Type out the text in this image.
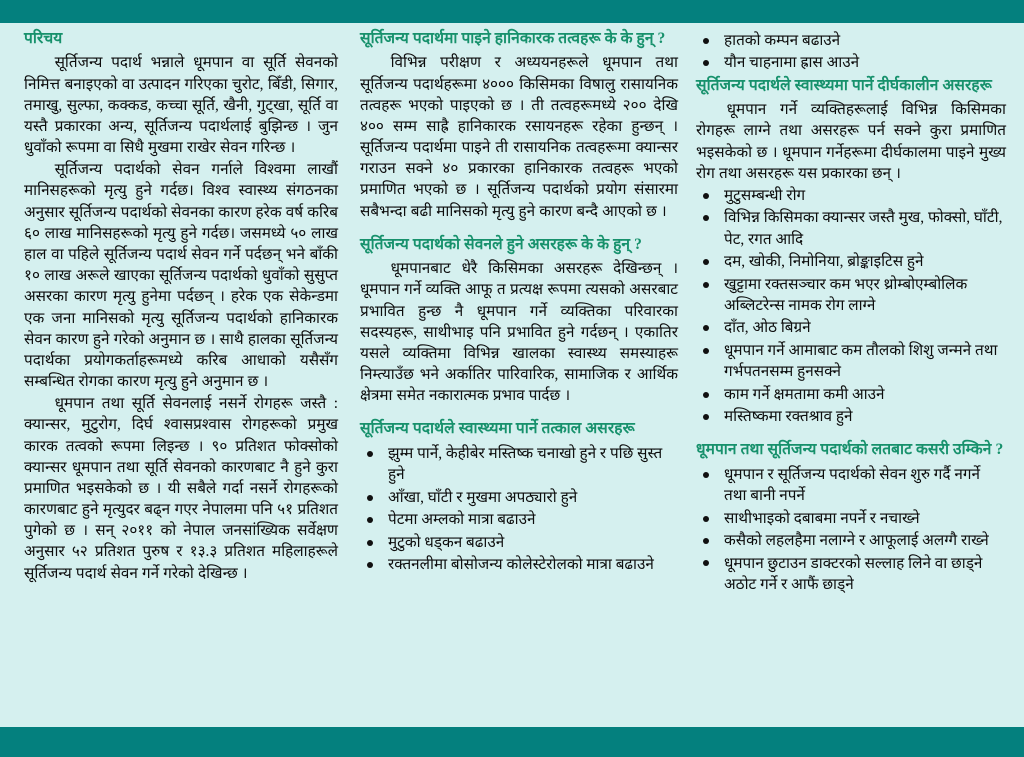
परिचय

सूर्तिजन्य पदार्थ भन्नाले धूमपान वा सूर्ति सेवनको निमित्त बनाइएको वा उत्पादन गरिएका चुरोट, बिँडी, सिगार, तमाखु, सुल्फा, कक्कड, कच्चा सूर्ति, खैनी, गुट्खा, सूर्ति वा यस्तै प्रकारका अन्य, सूर्तिजन्य पदार्थलाई बुझिन्छ । जुन धुवाँको रूपमा वा सिधै मुखमा राखेर सेवन गरिन्छ ।

सूर्तिजन्य पदार्थको सेवन गर्नाले विश्वमा लाखौं मानिसहरूको मृत्यु हुने गर्दछ। विश्व स्वास्थ्य संगठनका अनुसार सूर्तिजन्य पदार्थको सेवनका कारण हरेक वर्ष करिब ६० लाख मानिसहरूको मृत्यु हुने गर्दछ। जसमध्ये ५० लाख हाल वा पहिले सूर्तिजन्य पदार्थ सेवन गर्ने पर्दछन् भने बाँकी १० लाख अरूले खाएका सूर्तिजन्य पदार्थको धुवाँको सुसुप्त असरका कारण मृत्यु हुनेमा पर्दछन् । हरेक एक सेकेन्डमा एक जना मानिसको मृत्यु सूर्तिजन्य पदार्थको हानिकारक सेवन कारण हुने गरेको अनुमान छ । साथै हालका सूर्तिजन्य पदार्थका प्रयोगकर्ताहरूमध्ये करिब आधाको यसैसँग सम्बन्धित रोगका कारण मृत्यु हुने अनुमान छ ।

धूमपान तथा सूर्ति सेवनलाई नसर्ने रोगहरू जस्तै : क्यान्सर, मुटुरोग, दिर्घ श्वासप्रश्वास रोगहरूको प्रमुख कारक तत्वको रूपमा लिइन्छ । ९० प्रतिशत फोक्सोको क्यान्सर धूमपान तथा सूर्ति सेवनको कारणबाट नै हुने कुरा प्रमाणित भइसकेको छ । यी सबैले गर्दा नसर्ने रोगहरूको कारणबाट हुने मृत्युदर बढ्न गएर नेपालमा पनि ५१ प्रतिशत पुगेको छ । सन् २०११ को नेपाल जनसांख्यिक सर्वेक्षण अनुसार ५२ प्रतिशत पुरुष र १३.३ प्रतिशत महिलाहरूले सूर्तिजन्य पदार्थ सेवन गर्ने गरेको देखिन्छ ।

सूर्तिजन्य पदार्थमा पाइने हानिकारक तत्वहरू के के हुन् ?

विभिन्न परीक्षण र अध्ययनहरूले धूमपान तथा सूर्तिजन्य पदार्थहरूमा ४००० किसिमका विषालु रासायनिक तत्वहरू भएको पाइएको छ । ती तत्वहरूमध्ये २०० देखि ४०० सम्म साह्रै हानिकारक रसायनहरू रहेका हुन्छन् । सूर्तिजन्य पदार्थमा पाइने ती रासायनिक तत्वहरूमा क्यान्सर गराउन सक्ने ४० प्रकारका हानिकारक तत्वहरू भएको प्रमाणित भएको छ । सूर्तिजन्य पदार्थको प्रयोग संसारमा सबैभन्दा बढी मानिसको मृत्यु हुने कारण बन्दै आएको छ ।

सूर्तिजन्य पदार्थको सेवनले हुने असरहरू के के हुन् ?

धूमपानबाट धेरै किसिमका असरहरू देखिन्छन् । धूमपान गर्ने व्यक्ति आफू त प्रत्यक्ष रूपमा त्यसको असरबाट प्रभावित हुन्छ नै धूमपान गर्ने व्यक्तिका परिवारका सदस्यहरू, साथीभाइ पनि प्रभावित हुने गर्दछन् । एकातिर यसले व्यक्तिमा विभिन्न खालका स्वास्थ्य समस्याहरू निम्त्याउँछ भने अर्कातिर पारिवारिक, सामाजिक र आर्थिक क्षेत्रमा समेत नकारात्मक प्रभाव पार्दछ ।

सूर्तिजन्य पदार्थले स्वास्थ्यमा पार्ने तत्काल असरहरू
झुम्म पार्ने, केहीबेर मस्तिष्क चनाखो हुने र पछि सुस्त हुने
आँखा, घाँटी र मुखमा अपठ्यारो हुने
पेटमा अम्लको मात्रा बढाउने
मुटुको धड्कन बढाउने
रक्तनलीमा बोसोजन्य कोलेस्टेरोलको मात्रा बढाउने
हातको कम्पन बढाउने
यौन चाहनामा ह्रास आउने
सूर्तिजन्य पदार्थले स्वास्थ्यमा पार्ने दीर्घकालीन असरहरू

धूमपान गर्ने व्यक्तिहरूलाई विभिन्न किसिमका रोगहरू लाग्ने तथा असरहरू पर्न सक्ने कुरा प्रमाणित भइसकेको छ । धूमपान गर्नेहरूमा दीर्घकालमा पाइने मुख्य रोग तथा असरहरू यस प्रकारका छन् ।

मुटुसम्बन्धी रोग
विभिन्न किसिमका क्यान्सर जस्तै मुख, फोक्सो, घाँटी, पेट, रगत आदि
दम, खोकी, निमोनिया, ब्रोङ्काइटिस हुने
खुट्टामा रक्तसञ्चार कम भएर थ्रोम्बोएम्बोलिक अब्लिटरेन्स नामक रोग लाग्ने
दाँत, ओठ बिग्रने
धूमपान गर्ने आमाबाट कम तौलको शिशु जन्मने तथा गर्भपतनसम्म हुनसक्ने
काम गर्ने क्षमतामा कमी आउने
मस्तिष्कमा रक्तश्राव हुने
धूमपान तथा सूर्तिजन्य पदार्थको लतबाट कसरी उम्किने ?
धूमपान र सूर्तिजन्य पदार्थको सेवन शुरु गर्दै नगर्ने तथा बानी नपर्ने
साथीभाइको दबाबमा नपर्ने र नचाख्ने
कसैको लहलहैमा नलाग्ने र आफूलाई अलग्गै राख्ने
धूमपान छुटाउन डाक्टरको सल्लाह लिने वा छाड्ने अठोट गर्ने र आफैं छाड्ने
